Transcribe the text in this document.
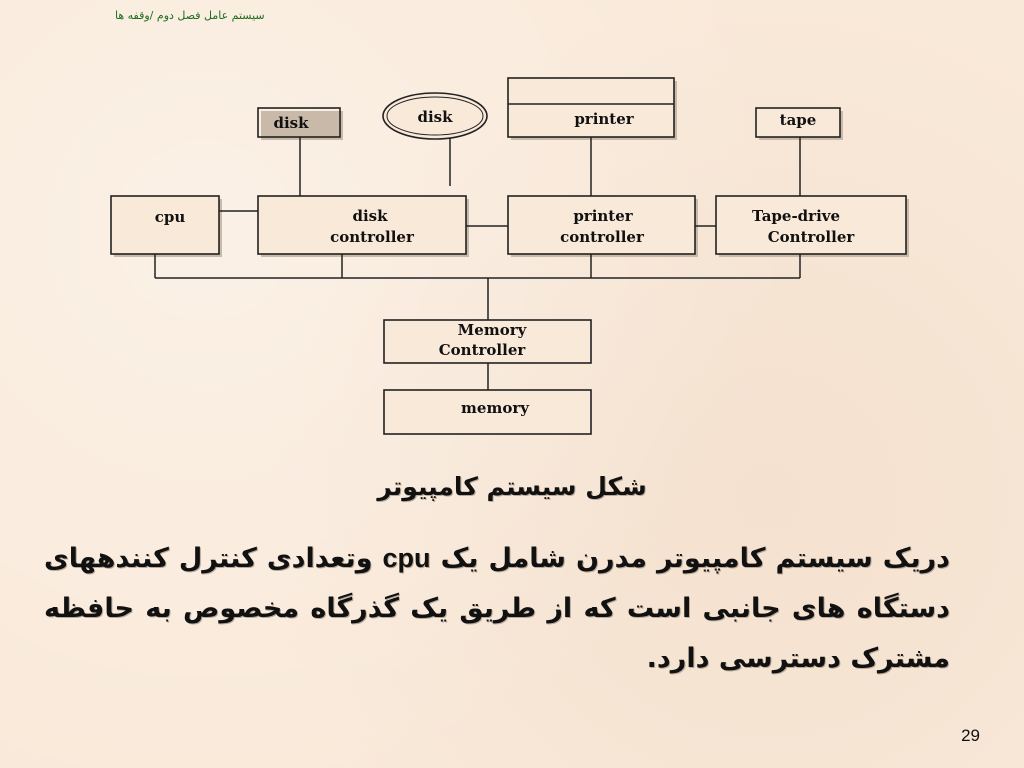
سیستم عامل فصل دوم /وقفه ها
disk	disk	printer	tape
cpu	disk
controller
printer
controller
Tape-drive
Controller
Memory
Controller
memory
شکل سیستم کامپیوتر
دریک سیستم کامپیوتر مدرن شامل یک cpu وتعدادی کنترل کنندههای دستگاه های جانبی است که از طریق یک گذرگاه مخصوص به حافظه مشترک دسترسی دارد.
29
